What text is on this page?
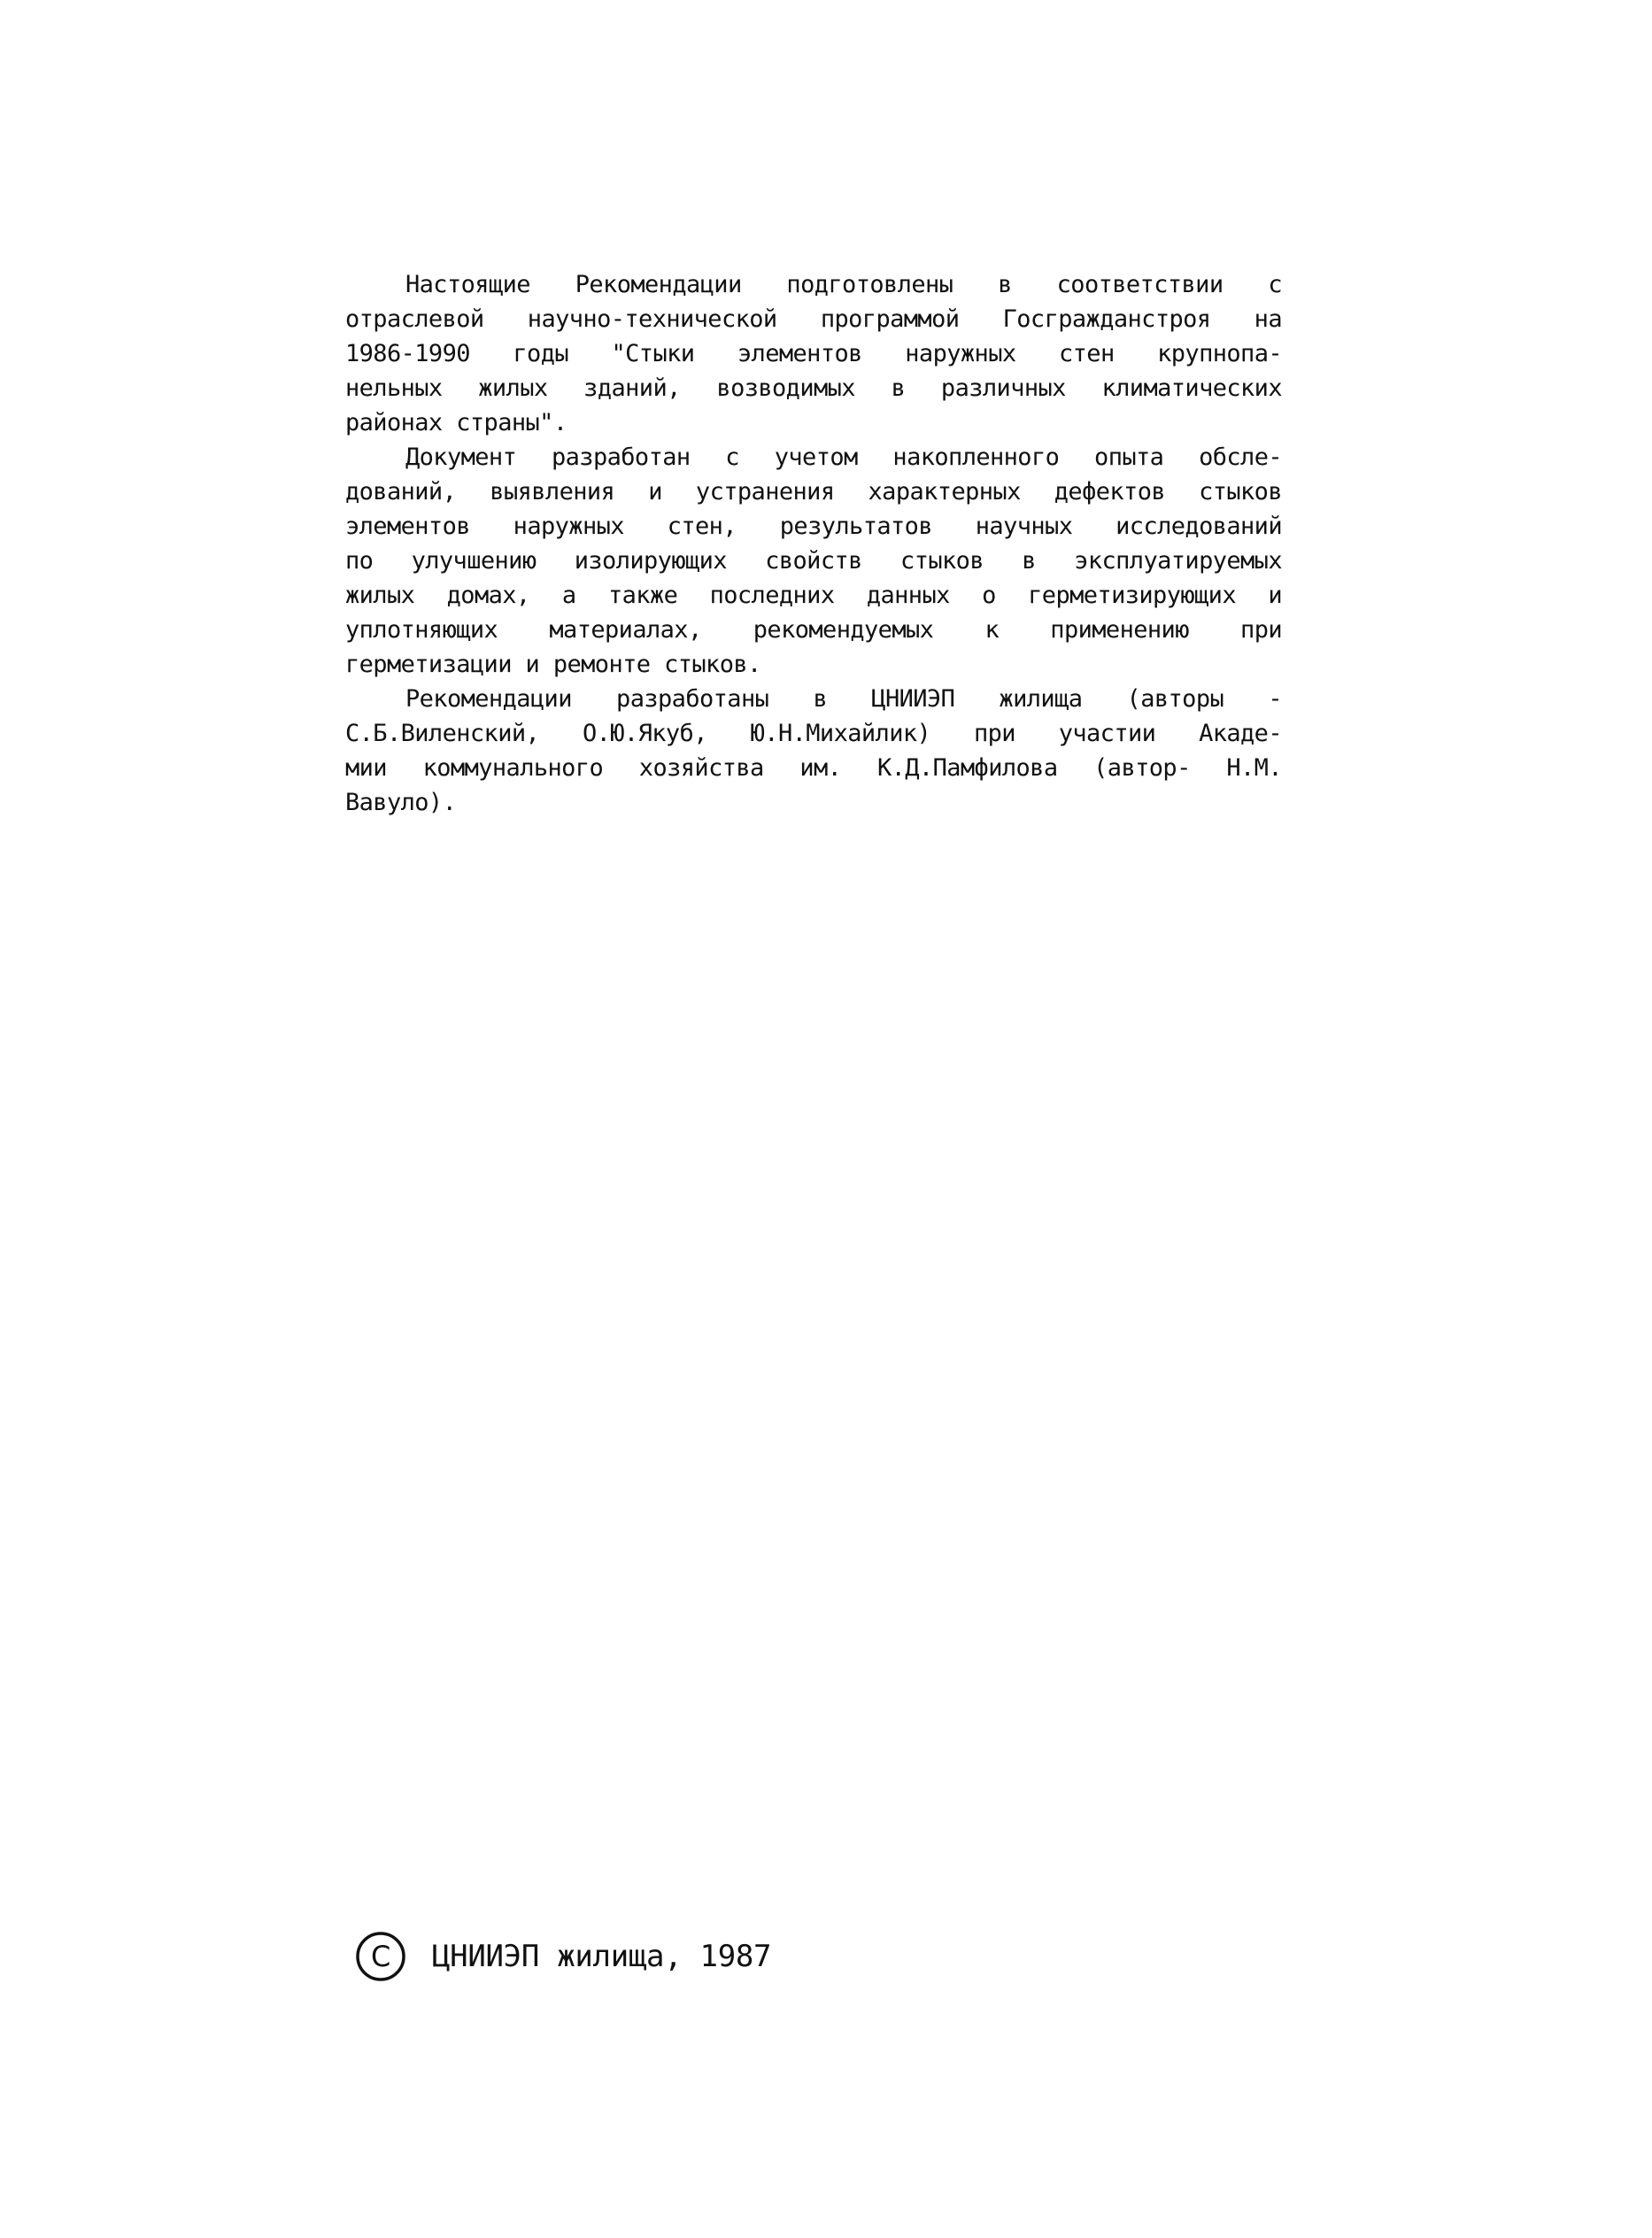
Настоящие Рекомендации подготовлены в соответствии с
отраслевой научно-технической программой Госгражданстроя на
1986-1990 годы "Стыки элементов наружных стен крупнопа-
нельных жилых зданий, возводимых в различных климатических
районах страны".
Документ разработан с учетом накопленного опыта обсле-
дований, выявления и устранения характерных дефектов стыков
элементов наружных стен, результатов научных исследований
по улучшению изолирующих свойств стыков в эксплуатируемых
жилых домах, а также последних данных о герметизирующих и
уплотняющих материалах, рекомендуемых к применению при
герметизации и ремонте стыков.
Рекомендации разработаны в ЦНИИЭП жилища (авторы -
С.Б.Виленский, О.Ю.Якуб, Ю.Н.Михайлик) при участии Акаде-
мии коммунального хозяйства им. К.Д.Памфилова (автор- Н.М.
Вавуло).
C ЦНИИЭП жилища, 1987
